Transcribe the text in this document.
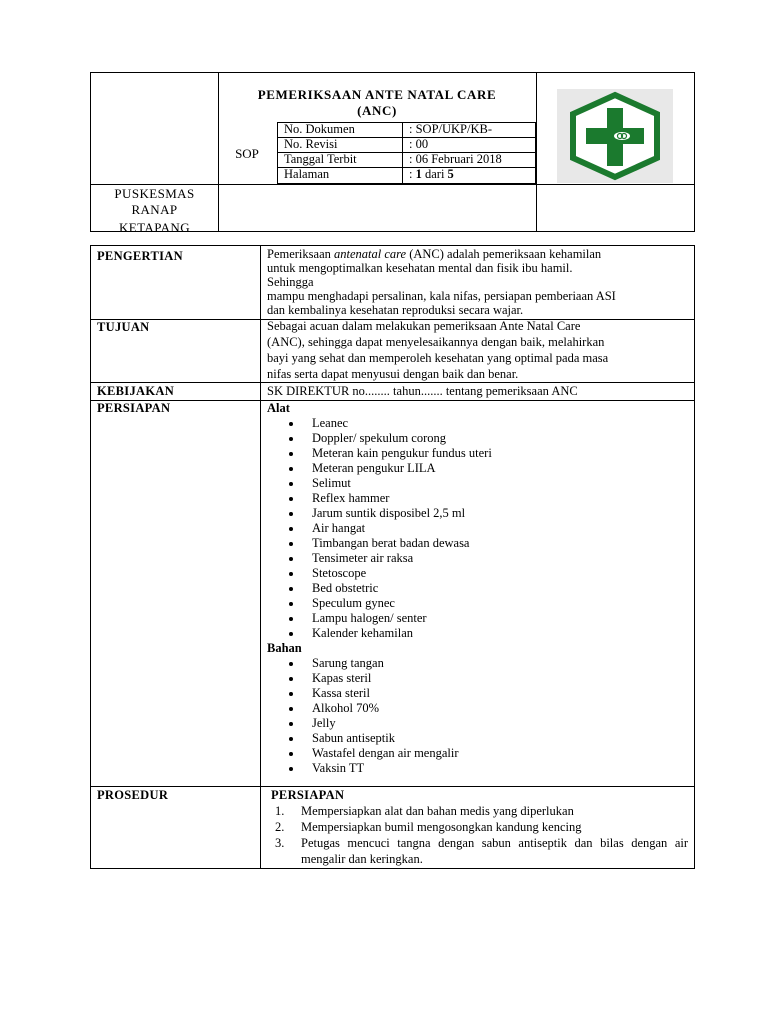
PEMERIKSAAN ANTE NATAL CARE
(ANC)
SOP
No. Dokumen	: SOP/UKP/KB-
No. Revisi	: 00
Tanggal Terbit	: 06 Februari 2018
Halaman	: 1 dari 5
PUSKESMAS
RANAP
KETAPANG
PENGERTIAN	Pemeriksaan antenatal care (ANC) adalah pemeriksaan kehamilan
untuk mengoptimalkan kesehatan mental dan fisik ibu hamil.
Sehingga
mampu menghadapi persalinan, kala nifas, persiapan pemberiaan ASI
dan kembalinya kesehatan reproduksi secara wajar.
TUJUAN	Sebagai acuan dalam melakukan pemeriksaan Ante Natal Care
(ANC), sehingga dapat menyelesaikannya dengan baik, melahirkan
bayi yang sehat dan memperoleh kesehatan yang optimal pada masa
nifas serta dapat menyusui dengan baik dan benar.
KEBIJAKAN	SK DIREKTUR no........ tahun....... tentang pemeriksaan ANC
PERSIAPAN	Alat
Leanec
Doppler/ spekulum corong
Meteran kain pengukur fundus uteri
Meteran pengukur LILA
Selimut
Reflex hammer
Jarum suntik disposibel 2,5 ml
Air hangat
Timbangan berat badan dewasa
Tensimeter air raksa
Stetoscope
Bed obstetric
Speculum gynec
Lampu halogen/ senter
Kalender kehamilan
Bahan
Sarung tangan
Kapas steril
Kassa steril
Alkohol 70%
Jelly
Sabun antiseptik
Wastafel dengan air mengalir
Vaksin TT
PROSEDUR	PERSIAPAN
1. Mempersiapkan alat dan bahan medis yang diperlukan
2. Mempersiapkan bumil mengosongkan kandung kencing
3. Petugas mencuci tangna dengan sabun antiseptik dan bilas dengan air mengalir dan keringkan.
